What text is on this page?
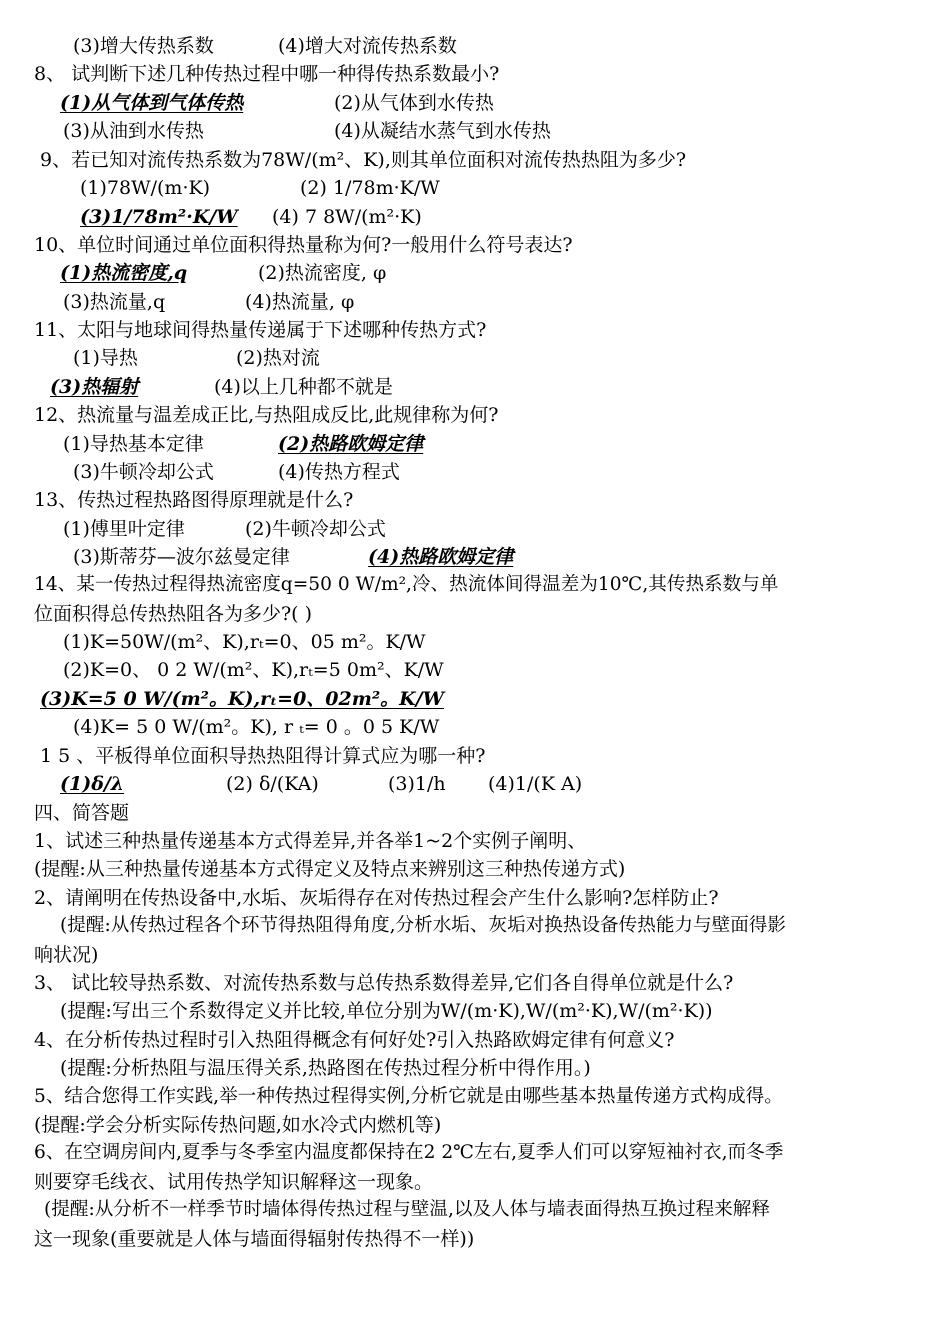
(3)增大传热系数	(4)增大对流传热系数
8、 试判断下述几种传热过程中哪一种得传热系数最小?
(1)从气体到气体传热	(2)从气体到水传热
(3)从油到水传热	(4)从凝结水蒸气到水传热
9、若已知对流传热系数为78W/(m²、K),则其单位面积对流传热热阻为多少?
(1)78W/(m·K)	(2) 1/78m·K/W
(3)1/78m²·K/W (4) 7 8W/(m²·K)
10、单位时间通过单位面积得热量称为何?一般用什么符号表达?
(1)热流密度,q	(2)热流密度, φ
(3)热流量,q	(4)热流量, φ
11、太阳与地球间得热量传递属于下述哪种传热方式?
(1)导热	(2)热对流
(3)热辐射	(4)以上几种都不就是
12、热流量与温差成正比,与热阻成反比,此规律称为何?
(1)导热基本定律	(2)热路欧姆定律
(3)牛顿冷却公式	(4)传热方程式
13、传热过程热路图得原理就是什么?
(1)傅里叶定律	(2)牛顿冷却公式
(3)斯蒂芬—波尔兹曼定律	(4)热路欧姆定律
14、某一传热过程得热流密度q=50 0 W/m²,冷、热流体间得温差为10℃,其传热系数与单
位面积得总传热热阻各为多少?( )
(1)K=50W/(m²、K),rₜ=0、05 m²。K/W
(2)K=0、 0 2 W/(m²、K),rₜ=5 0m²、K/W
(3)K=5 0 W/(m²。K),rₜ=0、02m²。K/W
(4)K= 5 0 W/(m²。K), r ₜ= 0 。0 5 K/W
1 5 、平板得单位面积导热热阻得计算式应为哪一种?
(1)δ/λ	(2) δ/(KA)	(3)1/h (4)1/(K A)
四、简答题
1、试述三种热量传递基本方式得差异,并各举1~2个实例子阐明、
(提醒:从三种热量传递基本方式得定义及特点来辨别这三种热传递方式)
2、请阐明在传热设备中,水垢、灰垢得存在对传热过程会产生什么影响?怎样防止?
(提醒:从传热过程各个环节得热阻得角度,分析水垢、灰垢对换热设备传热能力与壁面得影
响状况)
3、 试比较导热系数、对流传热系数与总传热系数得差异,它们各自得单位就是什么?
(提醒:写出三个系数得定义并比较,单位分别为W/(m·K),W/(m²·K),W/(m²·K))
4、在分析传热过程时引入热阻得概念有何好处?引入热路欧姆定律有何意义?
(提醒:分析热阻与温压得关系,热路图在传热过程分析中得作用。)
5、结合您得工作实践,举一种传热过程得实例,分析它就是由哪些基本热量传递方式构成得。
(提醒:学会分析实际传热问题,如水冷式内燃机等)
6、在空调房间内,夏季与冬季室内温度都保持在2 2℃左右,夏季人们可以穿短袖衬衣,而冬季
则要穿毛线衣、试用传热学知识解释这一现象。
(提醒:从分析不一样季节时墙体得传热过程与壁温,以及人体与墙表面得热互换过程来解释
这一现象(重要就是人体与墙面得辐射传热得不一样))
